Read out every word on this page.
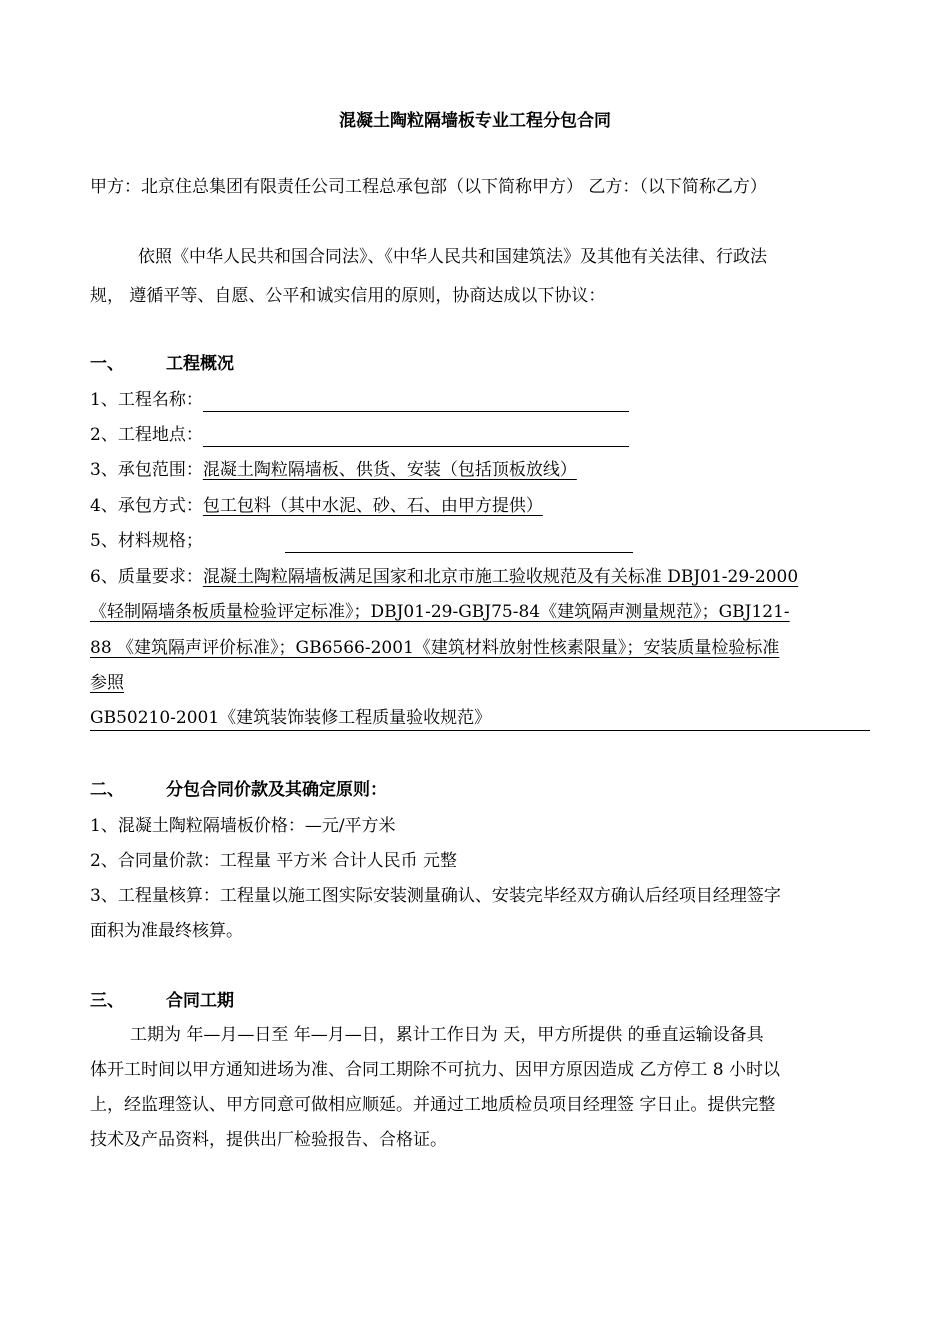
混凝土陶粒隔墙板专业工程分包合同
甲方：北京住总集团有限责任公司工程总承包部（以下简称甲方） 乙方：（以下简称乙方）
依照《中华人民共和国合同法》、《中华人民共和国建筑法》及其他有关法律、行政法
规， 遵循平等、自愿、公平和诚实信用的原则，协商达成以下协议：
一、 工程概况
1、工程名称：
2、工程地点：
3、承包范围：混凝土陶粒隔墙板、供货、安装（包括顶板放线）
4、承包方式：包工包料（其中水泥、砂、石、由甲方提供）
5、材料规格；
6、质量要求：混凝土陶粒隔墙板满足国家和北京市施工验收规范及有关标准 DBJ01-29-2000
《轻制隔墙条板质量检验评定标准》；DBJ01-29-GBJ75-84《建筑隔声测量规范》；GBJ121-
88 《建筑隔声评价标准》；GB6566-2001《建筑材料放射性核素限量》；安装质量检验标准
参照
GB50210-2001《建筑装饰装修工程质量验收规范》
二、 分包合同价款及其确定原则：
1、混凝土陶粒隔墙板价格：—元/平方米
2、合同量价款：工程量 平方米 合计人民币 元整
3、工程量核算：工程量以施工图实际安装测量确认、安装完毕经双方确认后经项目经理签字
面积为准最终核算。
三、 合同工期
工期为 年—月—日至 年—月—日，累计工作日为 天，甲方所提供 的垂直运输设备具
体开工时间以甲方通知进场为准、合同工期除不可抗力、因甲方原因造成 乙方停工 8 小时以
上，经监理签认、甲方同意可做相应顺延。并通过工地质检员项目经理签 字日止。提供完整
技术及产品资料，提供出厂检验报告、合格证。
